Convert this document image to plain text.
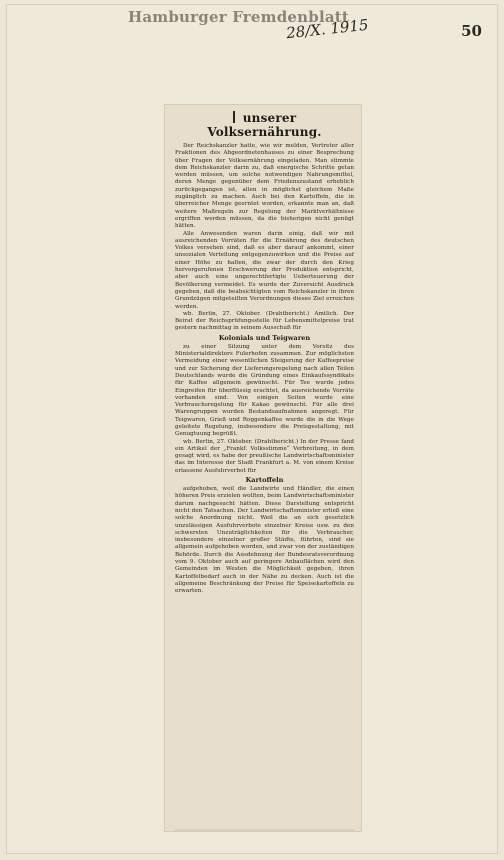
Hamburger Fremdenblatt
28/X. 1915	50
unserer Volksernährung.

Der Reichskanzler hatte, wie wir melden, Vertreter aller Fraktionen des Abgeordnetenhauses zu einer Besprechung über Fragen der Volksernährung eingeladen. Man stimmte dem Reichskanzler darin zu, daß energische Schritte getan werden müssen, um solche notwendigen Nahrungsmittel, deren Menge gegenüber dem Friedenszustand erheblich zurückgegangen ist, allen in möglichst gleichem Maße zugänglich zu machen. Auch bei den Kartoffeln, die in überreicher Menge geerntet worden, erkannte man an, daß weitere Maßregeln zur Regelung der Marktverhältnisse ergriffen werden müssen, da die bisherigen nicht genügt hätten.

Alle Anwesenden waren darin einig, daß wir mit ausreichenden Vorräten für die Ernährung des deutschen Volkes versehen sind, daß es aber darauf ankommt, einer unsozialen Verteilung entgegenzuwirken und die Preise auf einer Höhe zu halten, die zwar der durch den Krieg hervorgerufenen Erschwerung der Produktion entspricht, aber auch eine ungerechtfertigte Ueberteuerung der Bevölkerung vermeidet. Es wurde der Zuversicht Ausdruck gegeben, daß die beabsichtigten vom Reichskanzler in ihren Grundzügen mitgeteilten Verordnungen dieses Ziel erreichen werden.

wb. Berlin, 27. Oktober. (Drahtbericht.) Amtlich. Der Beirat der Reichsprüfungsstelle für Lebensmittelpreise trat gestern nachmittag in seinem Ausschuß für

Kolonials und Teigwaren

zu einer Sitzung unter dem Vorsitz des Ministerialdirektors Fulerhofen zusammen. Zur möglichsten Vermeidung einer wesentlichen Steigerung der Kaffeepreise und zur Sicherung der Lieferungsregelung nach allen Teilen Deutschlands wurde die Gründung eines Einkaufssyndikats für Kaffee allgemein gewünscht. Für Tee wurde jedes Eingreifen für überflüssig erachtet, da ausreichende Vorräte vorhanden sind. Von einigen Seiten wurde eine Verbrauchsregelung für Kakao gewünscht. Für alle drei Warengruppen wurden Bestandsaufnahmen angeregt. Für Teigwaren, Grieß und Roggenkaffee wurde die in die Wege geleitete Regelung, insbesondere die Preisgestaltung, mit Genugtuung begrüßt.

wb. Berlin, 27. Oktober. (Drahtbericht.) In der Presse fand ein Artikel der „Frankf. Volksstimme“ Verbreitung, in dem gesagt wird, es habe der preußische Landwirtschaftsminister das im Interesse der Stadt Frankfurt a. M. von einem Kreise erlassene Ausfuhrverbot für

Kartoffeln

aufgehoben, weil die Landwirte und Händler, die einen höheren Preis erzielen wollten, beim Landwirtschaftsminister darum nachgesucht hätten. Diese Darstellung entspricht nicht den Tatsachen. Der Landwirtschaftsminister erließ eine solche Anordnung nicht. Weil die an sich gesetzlich unzulässigen Ausfuhrverbote einzelner Kreise usw. zu den schwersten Unzuträglichkeiten für die Verbraucher, insbesondere einzelner großer Städte, führten, sind sie allgemein aufgehoben worden, und zwar von der zuständigen Behörde. Durch die Ausdehnung der Bundesratsverordnung vom 9. Oktober auch auf geringere Anbauflächen wird den Gemeinden im Westen die Möglichkeit gegeben, ihren Kartoffelbedarf auch in der Nähe zu decken. Auch ist die allgemeine Beschränkung der Preise für Speisekartoffeln zu erwarten.
